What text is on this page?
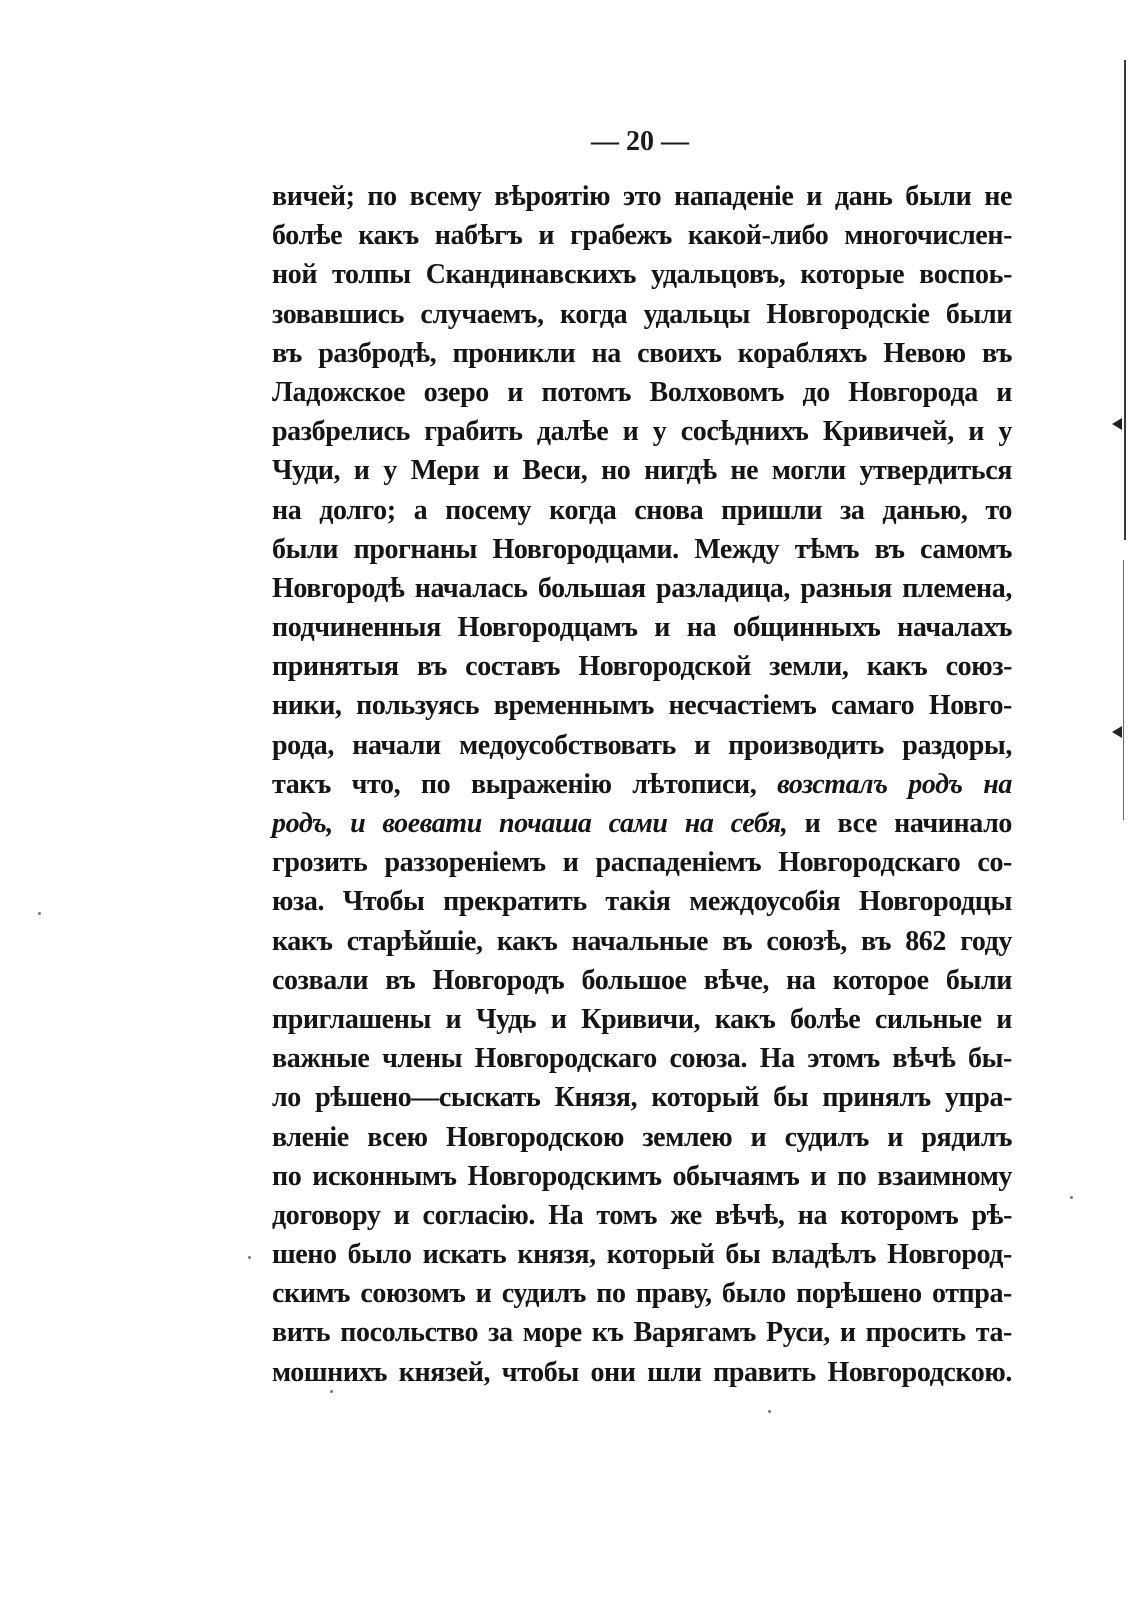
— 20 —
вичей; по всему вѣроятію это нападеніе и дань были не
болѣе какъ набѣгъ и грабежъ какой-либо многочислен-
ной толпы Скандинавскихъ удальцовъ, которые воспоь-
зовавшись случаемъ, когда удальцы Новгородскіе были
въ разбродѣ, проникли на своихъ корабляхъ Невою въ
Ладожское озеро и потомъ Волховомъ до Новгорода и
разбрелись грабить далѣе и у сосѣднихъ Кривичей, и у
Чуди, и у Мери и Веси, но нигдѣ не могли утвердиться
на долго; а посему когда снова пришли за данью, то
были прогнаны Новгородцами. Между тѣмъ въ самомъ
Новгородѣ началась большая разладица, разныя племена,
подчиненныя Новгородцамъ и на общинныхъ началахъ
принятыя въ составъ Новгородской земли, какъ союз-
ники, пользуясь временнымъ несчастіемъ самаго Новго-
рода, начали медоусобствовать и производить раздоры,
такъ что, по выраженію лѣтописи, возсталъ родъ на
родъ, и воевати почаша сами на себя, и все начинало
грозить раззореніемъ и распаденіемъ Новгородскаго со-
юза. Чтобы прекратить такія междоусобія Новгородцы
какъ старѣйшіе, какъ начальные въ союзѣ, въ 862 году
созвали въ Новгородъ большое вѣче, на которое были
приглашены и Чудь и Кривичи, какъ болѣе сильные и
важные члены Новгородскаго союза. На этомъ вѣчѣ бы-
ло рѣшено—сыскать Князя, который бы принялъ упра-
вленіе всею Новгородскою землею и судилъ и рядилъ
по исконнымъ Новгородскимъ обычаямъ и по взаимному
договору и согласію. На томъ же вѣчѣ, на которомъ рѣ-
шено было искать князя, который бы владѣлъ Новгород-
скимъ союзомъ и судилъ по праву, было порѣшено отпра-
вить посольство за море къ Варягамъ Руси, и просить та-
мошнихъ князей, чтобы они шли править Новгородскою.
